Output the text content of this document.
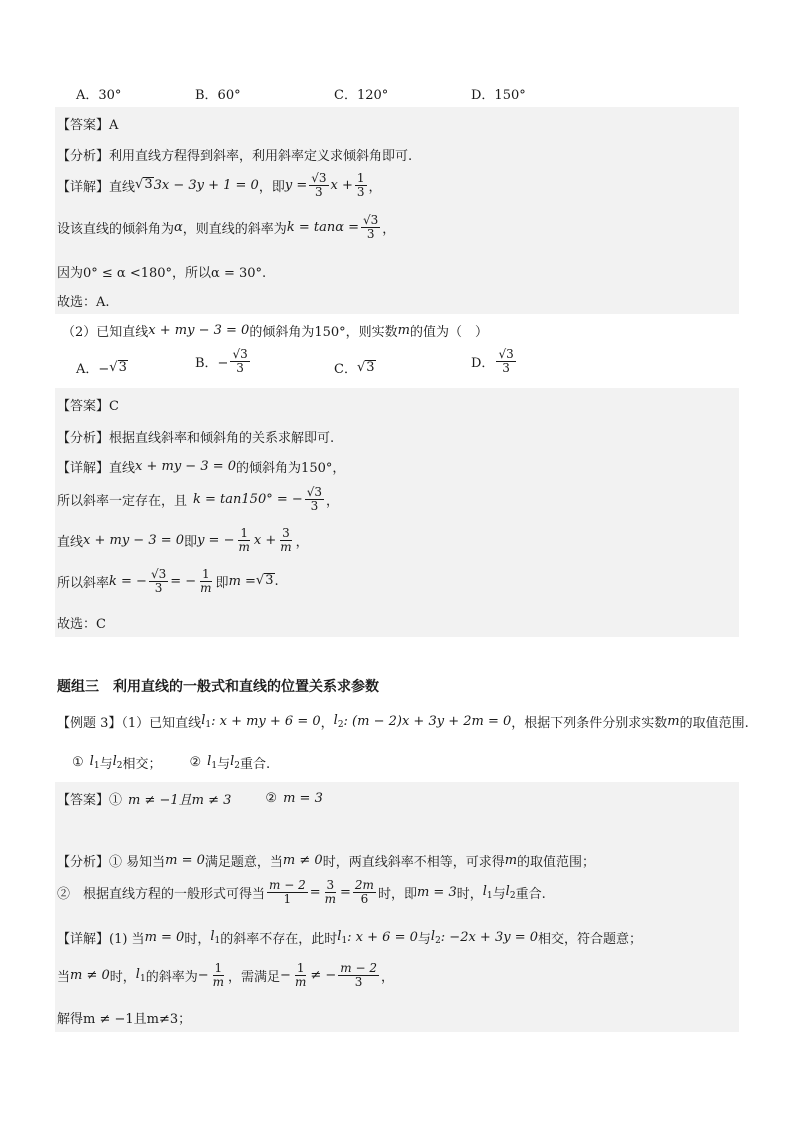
A．30°	B．60°	C．120°	D．150°
【答案】A
【分析】利用直线方程得到斜率，利用斜率定义求倾斜角即可.
【详解】直线 √ 3 3x − 3y + 1 = 0 ，即 $y = \frac{√3}{3}$ $x + \frac{1}{3}$ ，
设该直线的倾斜角为 α ，则直线的斜率为 $k = \tan\alpha = \frac{√3}{3}$ ，
因为0° ≤ α <180°，所以α = 30°.
故选：A.
（2）已知直线 x + my − 3 = 0 的倾斜角为150°，则实数 m 的值为（　）
A．− √ 3	B．− $\frac{√3}{3}$	C． √ 3	D． $\frac{√3}{3}$
【答案】C
【分析】根据直线斜率和倾斜角的关系求解即可.
【详解】直线 x + my − 3 = 0 的倾斜角为150°，
所以斜率一定存在，且 k = tan150° = − $\frac{√3}{3}$ ，
直线 x + my − 3 = 0 即 y = − $\frac{1}{m}$ $x + \frac{3}{m}$ ，
所以斜率 k = − $\frac{√3}{3}$ = − $\frac{1}{m}$ 即 m = √ 3 .
故选：C
题组三　利用直线的一般式和直线的位置关系求参数
【例题 3】（1）已知直线 $l_1$ : x + my + 6 = 0 ， $l_2$ : (m − 2)x + 3y + 2m = 0 ，根据下列条件分别求实数 m 的取值范围.
① $l_1$ 与 $l_2$ 相交； ② $l_1$ 与 $l_2$ 重合.
【答案】① m ≠ −1且m ≠ 3	② m = 3
【分析】① 易知当 m = 0 满足题意，当 m ≠ 0 时，两直线斜率不相等，可求得 m 的取值范围；
②　根据直线方程的一般形式可得当 $\frac{m - 2}{1} = \frac{3}{m} = \frac{2m}{6}$ 时，即 m = 3 时， $l_1$ 与 $l_2$ 重合.
【详解】(1) 当 m = 0 时， $l_1$ 的斜率不存在，此时 $l_1$ : x + 6 = 0 与 $l_2$ : −2x + 3y = 0 相交，符合题意；
当 m ≠ 0 时， $l_1$ 的斜率为 − $\frac{1}{m}$ ，需满足 − $\frac{1}{m}$ ≠ − $\frac{m - 2}{3}$ ，
解得m ≠ −1且m≠3；
